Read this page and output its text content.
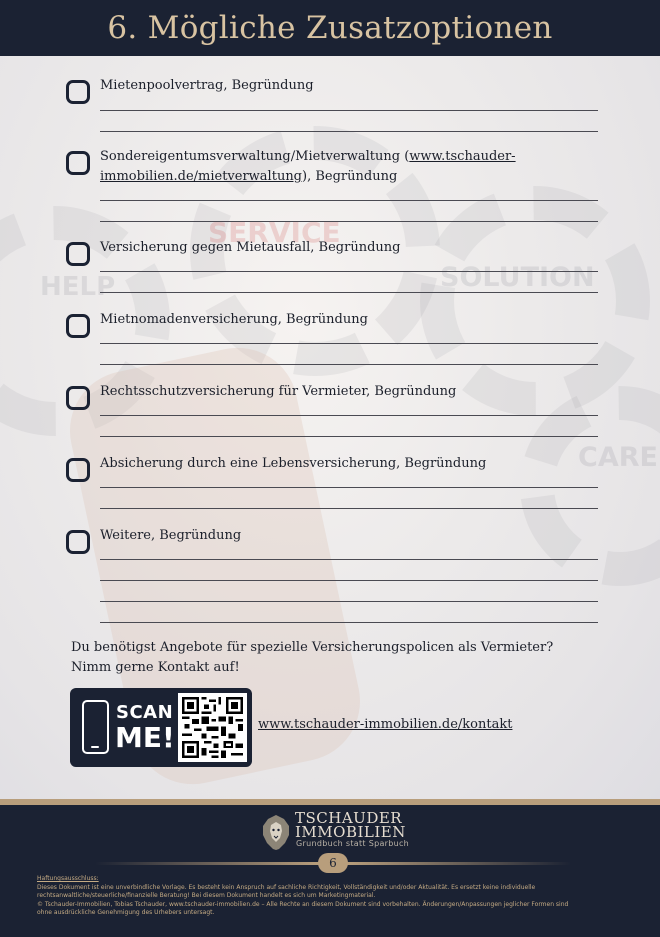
6. Mögliche Zusatzoptionen
SERVICE
HELP	SOLUTION
CARE
Mietenpoolvertrag, Begründung
Sondereigentumsverwaltung/Mietverwaltung (www.tschauder-immobilien.de/mietverwaltung), Begründung
Versicherung gegen Mietausfall, Begründung
Mietnomadenversicherung, Begründung
Rechtsschutzversicherung für Vermieter, Begründung
Absicherung durch eine Lebensversicherung, Begründung
Weitere, Begründung
Du benötigst Angebote für spezielle Versicherungspolicen als Vermieter?
Nimm gerne Kontakt auf!
SCAN
ME!	www.tschauder-immobilien.de/kontakt
TSCHAUDER
IMMOBILIEN
Grundbuch statt Sparbuch
6
Haftungsausschluss:
Dieses Dokument ist eine unverbindliche Vorlage. Es besteht kein Anspruch auf sachliche Richtigkeit, Vollständigkeit und/oder Aktualität. Es ersetzt keine individuelle
rechtsanwaltliche/steuerliche/finanzielle Beratung! Bei diesem Dokument handelt es sich um Marketingmaterial.
© Tschauder-Immobilien, Tobias Tschauder, www.tschauder-immobilien.de – Alle Rechte an diesem Dokument sind vorbehalten. Änderungen/Anpassungen jeglicher Formen sind
ohne ausdrückliche Genehmigung des Urhebers untersagt.
